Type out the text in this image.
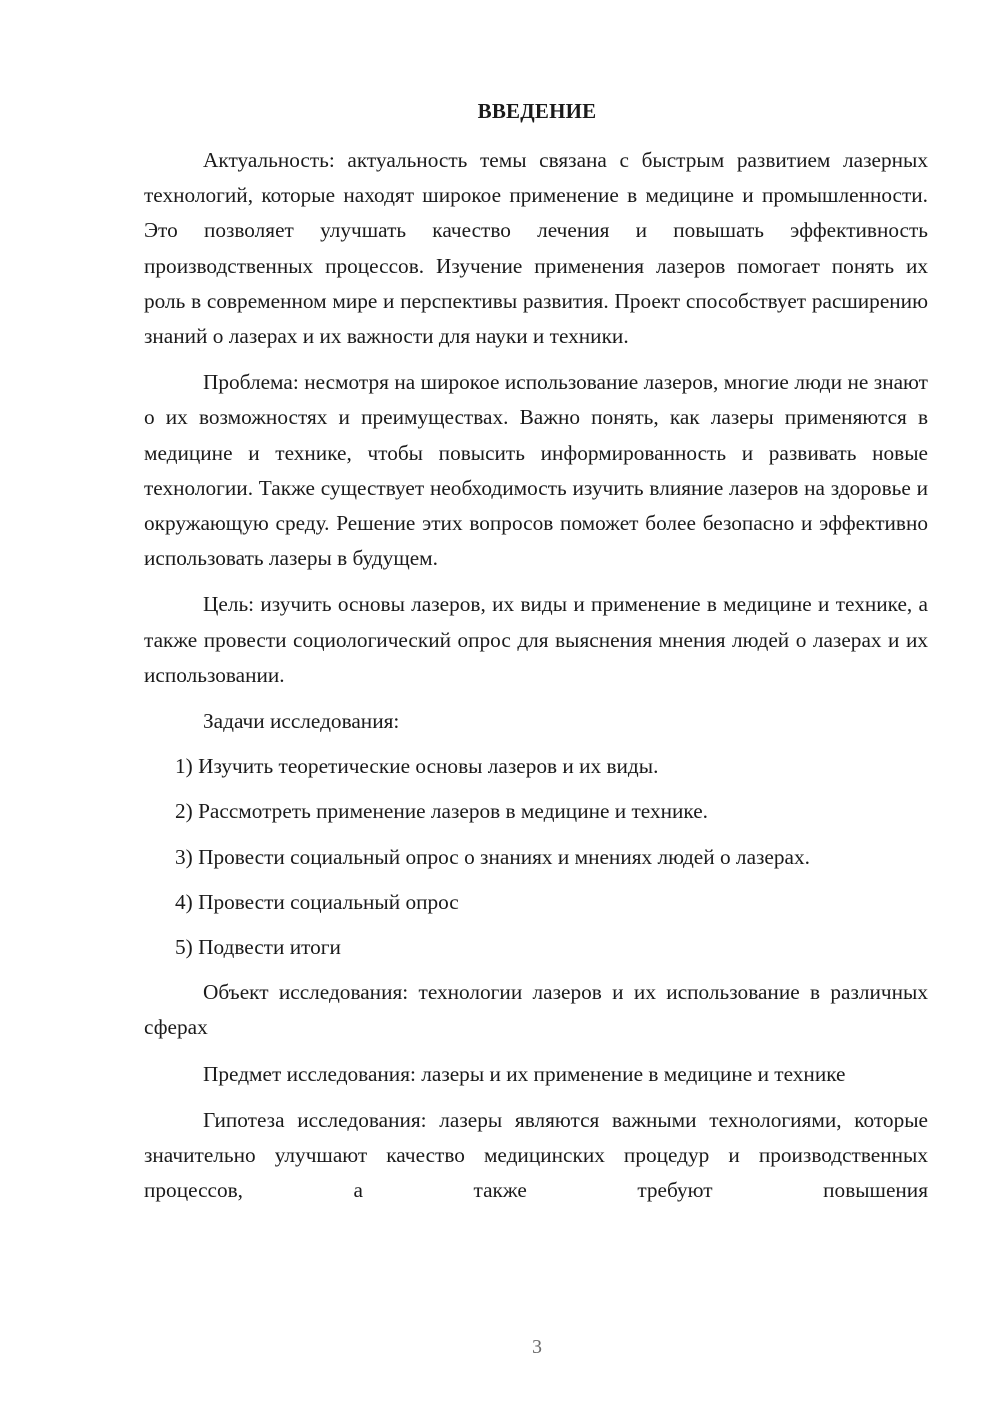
ВВЕДЕНИЕ

Актуальность: актуальность темы связана с быстрым развитием лазерных технологий, которые находят широкое применение в медицине и промышленности. Это позволяет улучшать качество лечения и повышать эффективность производственных процессов. Изучение применения лазеров помогает понять их роль в современном мире и перспективы развития. Проект способствует расширению знаний о лазерах и их важности для науки и техники.

Проблема: несмотря на широкое использование лазеров, многие люди не знают о их возможностях и преимуществах. Важно понять, как лазеры применяются в медицине и технике, чтобы повысить информированность и развивать новые технологии. Также существует необходимость изучить влияние лазеров на здоровье и окружающую среду. Решение этих вопросов поможет более безопасно и эффективно использовать лазеры в будущем.

Цель: изучить основы лазеров, их виды и применение в медицине и технике, а также провести социологический опрос для выяснения мнения людей о лазерах и их использовании.

Задачи исследования:

1) Изучить теоретические основы лазеров и их виды.

2) Рассмотреть применение лазеров в медицине и технике.

3) Провести социальный опрос о знаниях и мнениях людей о лазерах.

4) Провести социальный опрос

5) Подвести итоги

Объект исследования: технологии лазеров и их использование в различных сферах

Предмет исследования: лазеры и их применение в медицине и технике

Гипотеза исследования: лазеры являются важными технологиями, которые значительно улучшают качество медицинских процедур и производственных процессов, а также требуют повышения

3
